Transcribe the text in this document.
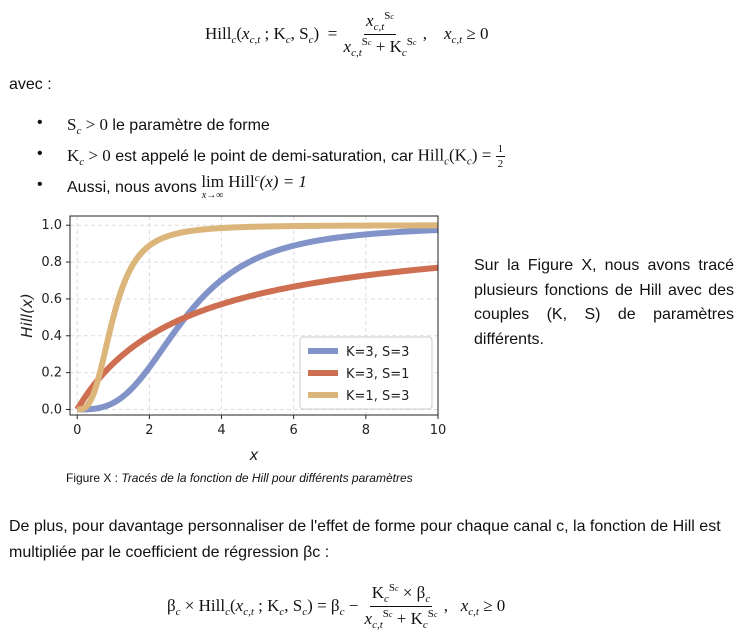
$Hill_c(x_{c,t}$ ; $K_c$, $S_c) = \frac{x_{c,t}^{Sc}}{x_{c,t}^{Sc} + K_c^{Sc}}$ ,    $x_{c,t} \ge 0$
avec :
• $S_c > 0$
le paramètre de forme
• $K_c > 0$
est appelé le point de demi-saturation, car
$Hill_c(K_c) = \frac{1}{2}$
• Aussi, nous avons
lim
x→∞

Hill c (x) = 1
0	2	4	6	8	10
0.0
0.2
0.4
0.6
0.8
1.0
x
Hill(x)
K=3, S=3
K=3, S=1
K=1, S=3
Sur la Figure X, nous avons tracé plusieurs fonctions de Hill avec des couples (K, S) de paramètres différents.
Figure X : Tracés de la fonction de Hill pour différents paramètres
De plus, pour davantage personnaliser de l'effet de forme pour chaque canal c, la fonction de Hill est multipliée par le coefficient de régression βc :
$\beta_c$ × $Hill_c(x_{c,t}$ ; $K_c$, $S_c) = \beta_c - \frac{K_c^{Sc} \times \beta_c}{x_{c,t}^{Sc} + K_c^{Sc}}$ ,   $x_{c,t} \ge 0$
